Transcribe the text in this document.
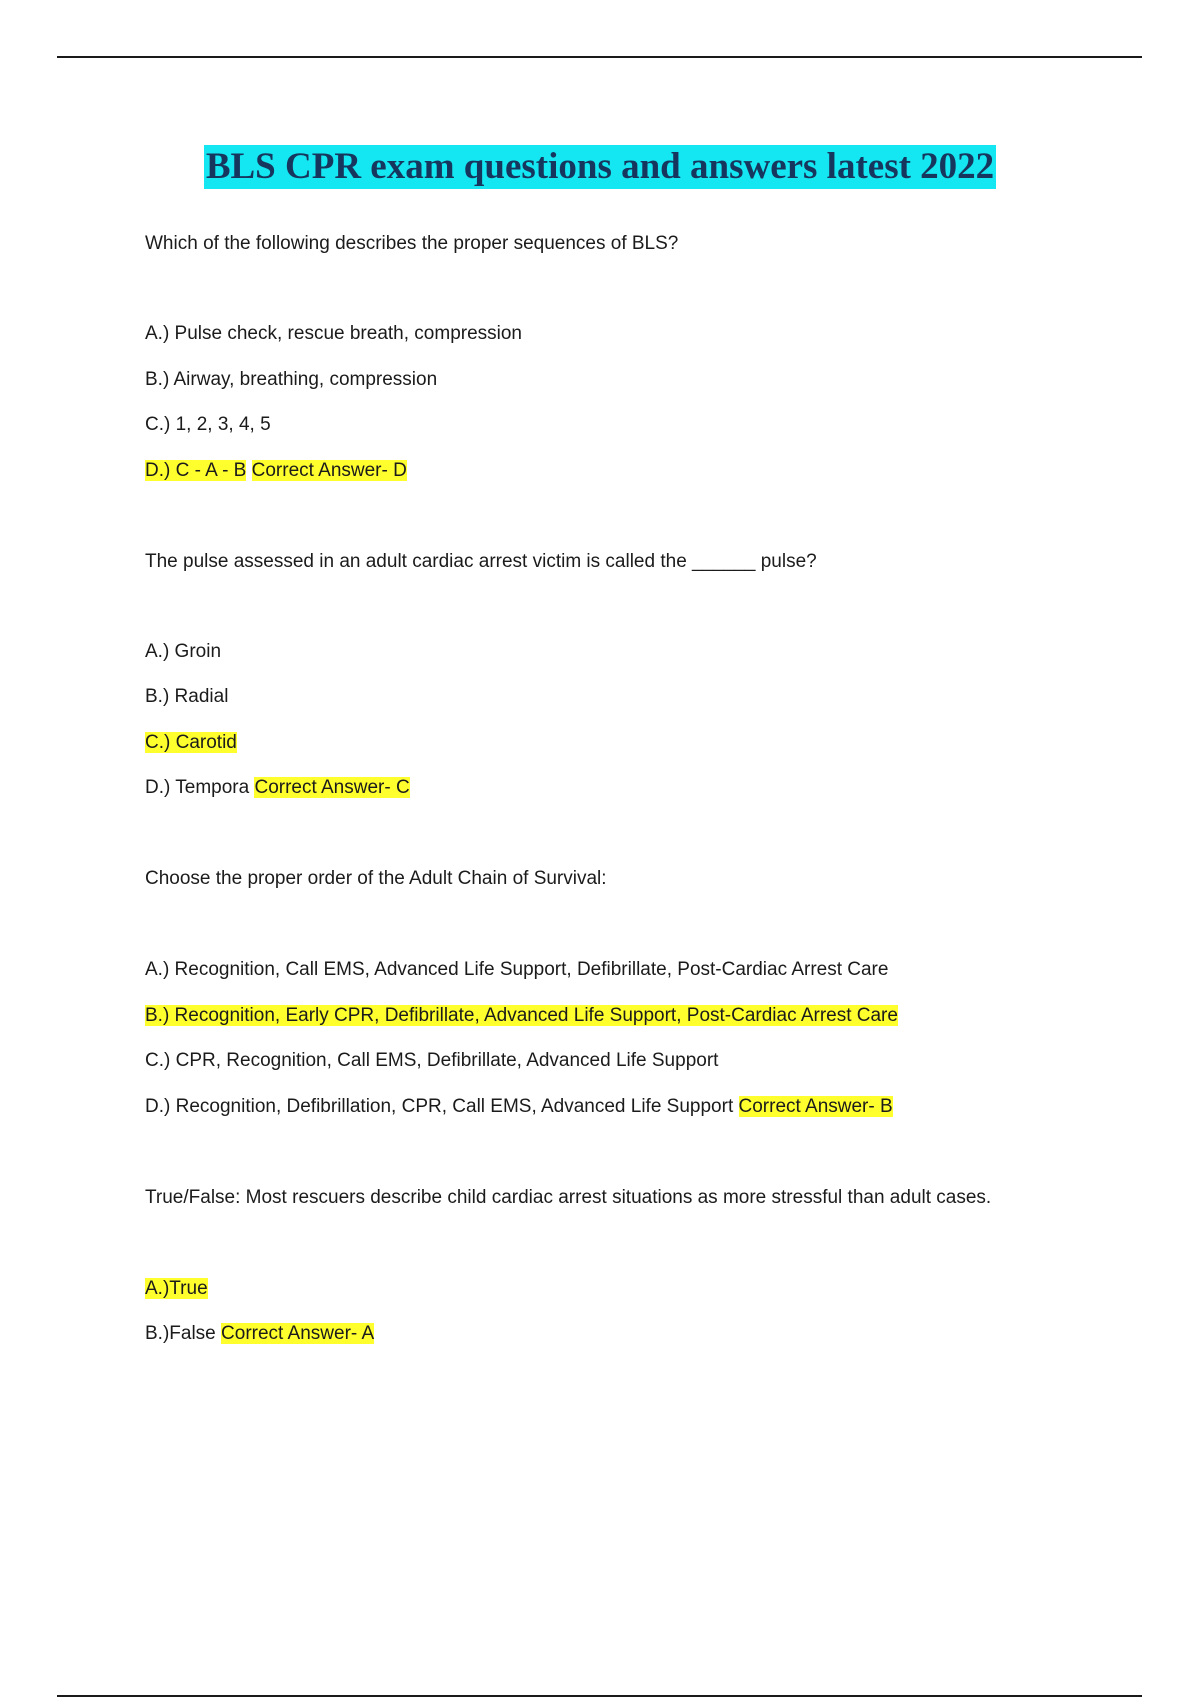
BLS CPR exam questions and answers latest 2022
Which of the following describes the proper sequences of BLS?
A.) Pulse check, rescue breath, compression
B.) Airway, breathing, compression
C.) 1, 2, 3, 4, 5
D.) C - A - B Correct Answer- D
The pulse assessed in an adult cardiac arrest victim is called the ______ pulse?
A.) Groin
B.) Radial
C.) Carotid
D.) Tempora Correct Answer- C
Choose the proper order of the Adult Chain of Survival:
A.) Recognition, Call EMS, Advanced Life Support, Defibrillate, Post-Cardiac Arrest Care
B.) Recognition, Early CPR, Defibrillate, Advanced Life Support, Post-Cardiac Arrest Care
C.) CPR, Recognition, Call EMS, Defibrillate, Advanced Life Support
D.) Recognition, Defibrillation, CPR, Call EMS, Advanced Life Support Correct Answer- B
True/False: Most rescuers describe child cardiac arrest situations as more stressful than adult cases.
A.)True
B.)False Correct Answer- A
